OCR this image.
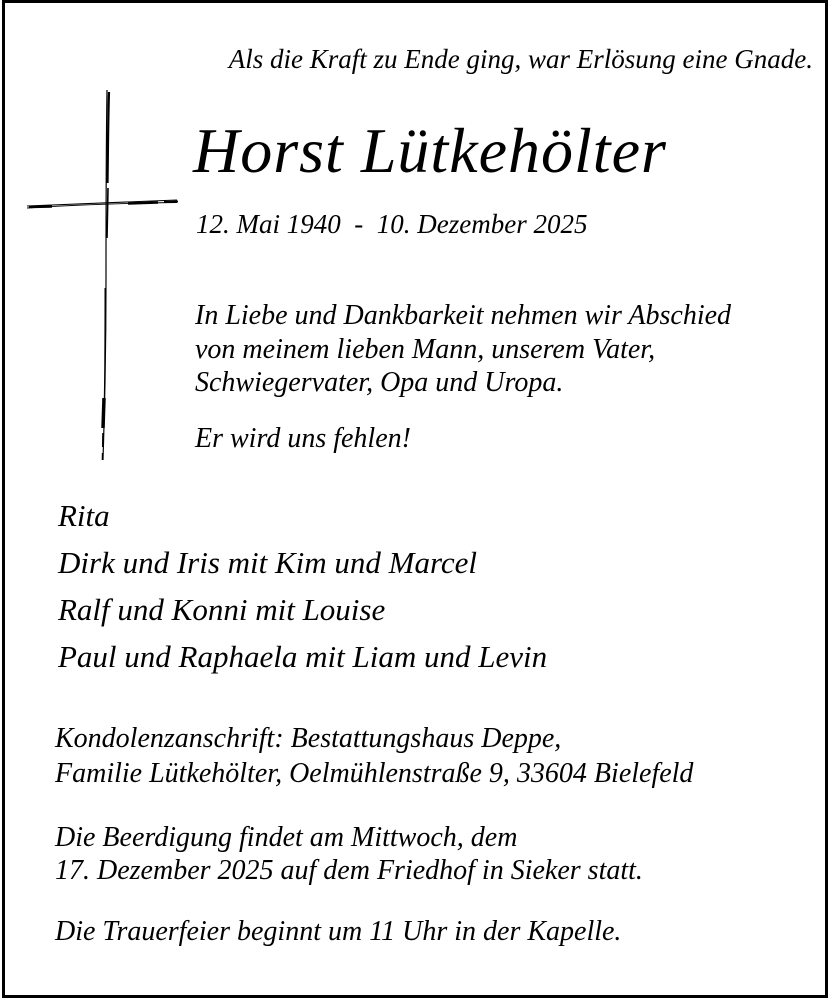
Als die Kraft zu Ende ging, war Erlösung eine Gnade.
Horst Lütkehölter
12. Mai 1940  -  10. Dezember 2025
In Liebe und Dankbarkeit nehmen wir Abschied
von meinem lieben Mann, unserem Vater,
Schwiegervater, Opa und Uropa.
Er wird uns fehlen!
Rita
Dirk und Iris mit Kim und Marcel
Ralf und Konni mit Louise
Paul und Raphaela mit Liam und Levin
Kondolenzanschrift: Bestattungshaus Deppe,
Familie Lütkehölter, Oelmühlenstraße 9, 33604 Bielefeld
Die Beerdigung findet am Mittwoch, dem
17. Dezember 2025 auf dem Friedhof in Sieker statt.
Die Trauerfeier beginnt um 11 Uhr in der Kapelle.
